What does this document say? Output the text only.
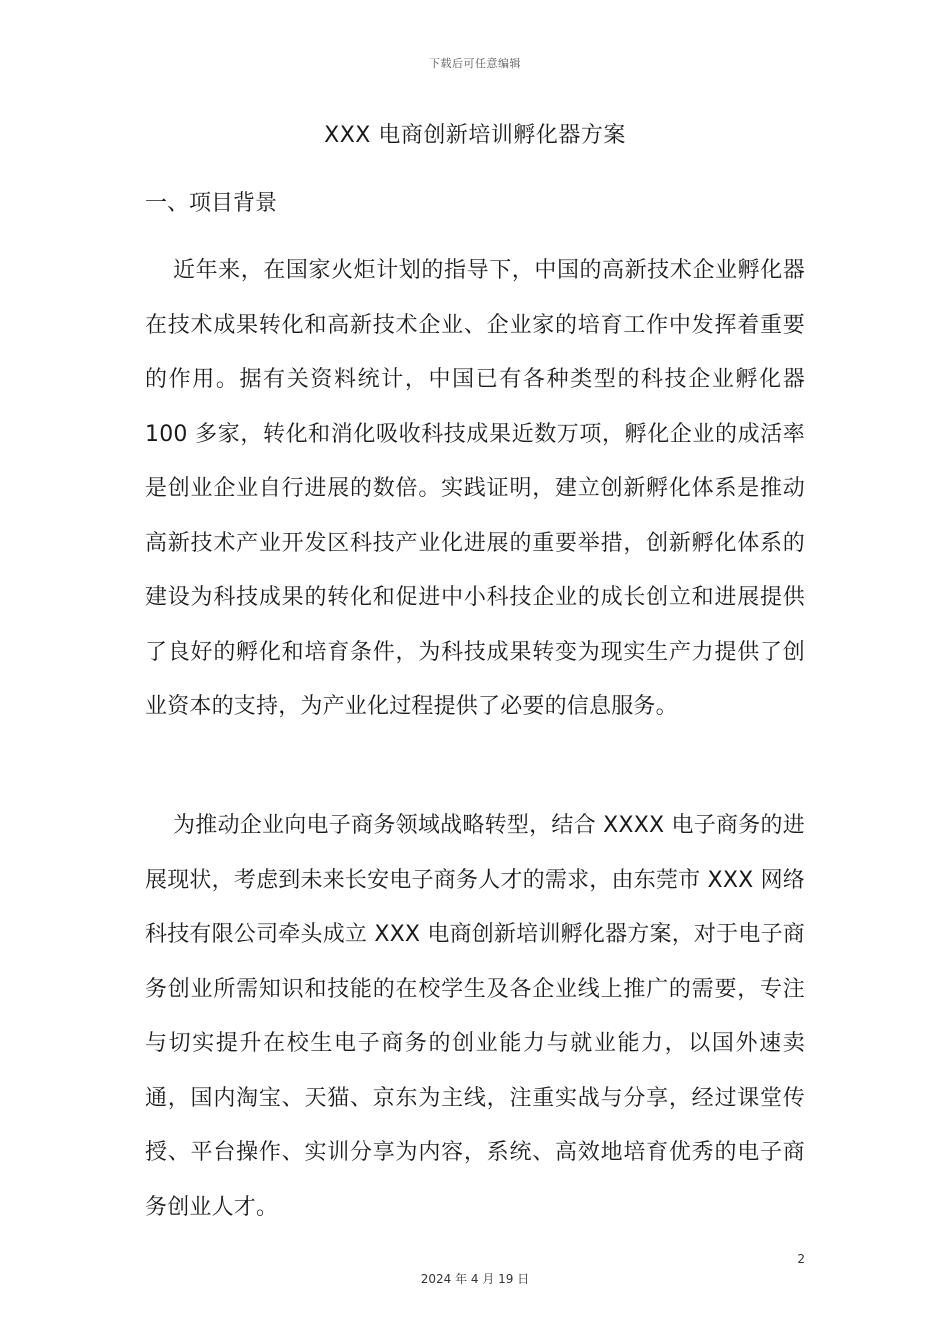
下载后可任意编辑
XXX 电商创新培训孵化器方案
一、项目背景

近年来，在国家火炬计划的指导下，中国的高新技术企业孵化器在技术成果转化和高新技术企业、企业家的培育工作中发挥着重要的作用。据有关资料统计，中国已有各种类型的科技企业孵化器 100 多家，转化和消化吸收科技成果近数万项，孵化企业的成活率是创业企业自行进展的数倍。实践证明，建立创新孵化体系是推动高新技术产业开发区科技产业化进展的重要举措，创新孵化体系的建设为科技成果的转化和促进中小科技企业的成长创立和进展提供了良好的孵化和培育条件，为科技成果转变为现实生产力提供了创业资本的支持，为产业化过程提供了必要的信息服务。

为推动企业向电子商务领域战略转型，结合 XXXX 电子商务的进展现状，考虑到未来长安电子商务人才的需求，由东莞市 XXX 网络科技有限公司牵头成立 XXX 电商创新培训孵化器方案，对于电子商务创业所需知识和技能的在校学生及各企业线上推广的需要，专注与切实提升在校生电子商务的创业能力与就业能力，以国外速卖通，国内淘宝、天猫、京东为主线，注重实战与分享，经过课堂传授、平台操作、实训分享为内容，系统、高效地培育优秀的电子商务创业人才。

2
2024 年 4 月 19 日
